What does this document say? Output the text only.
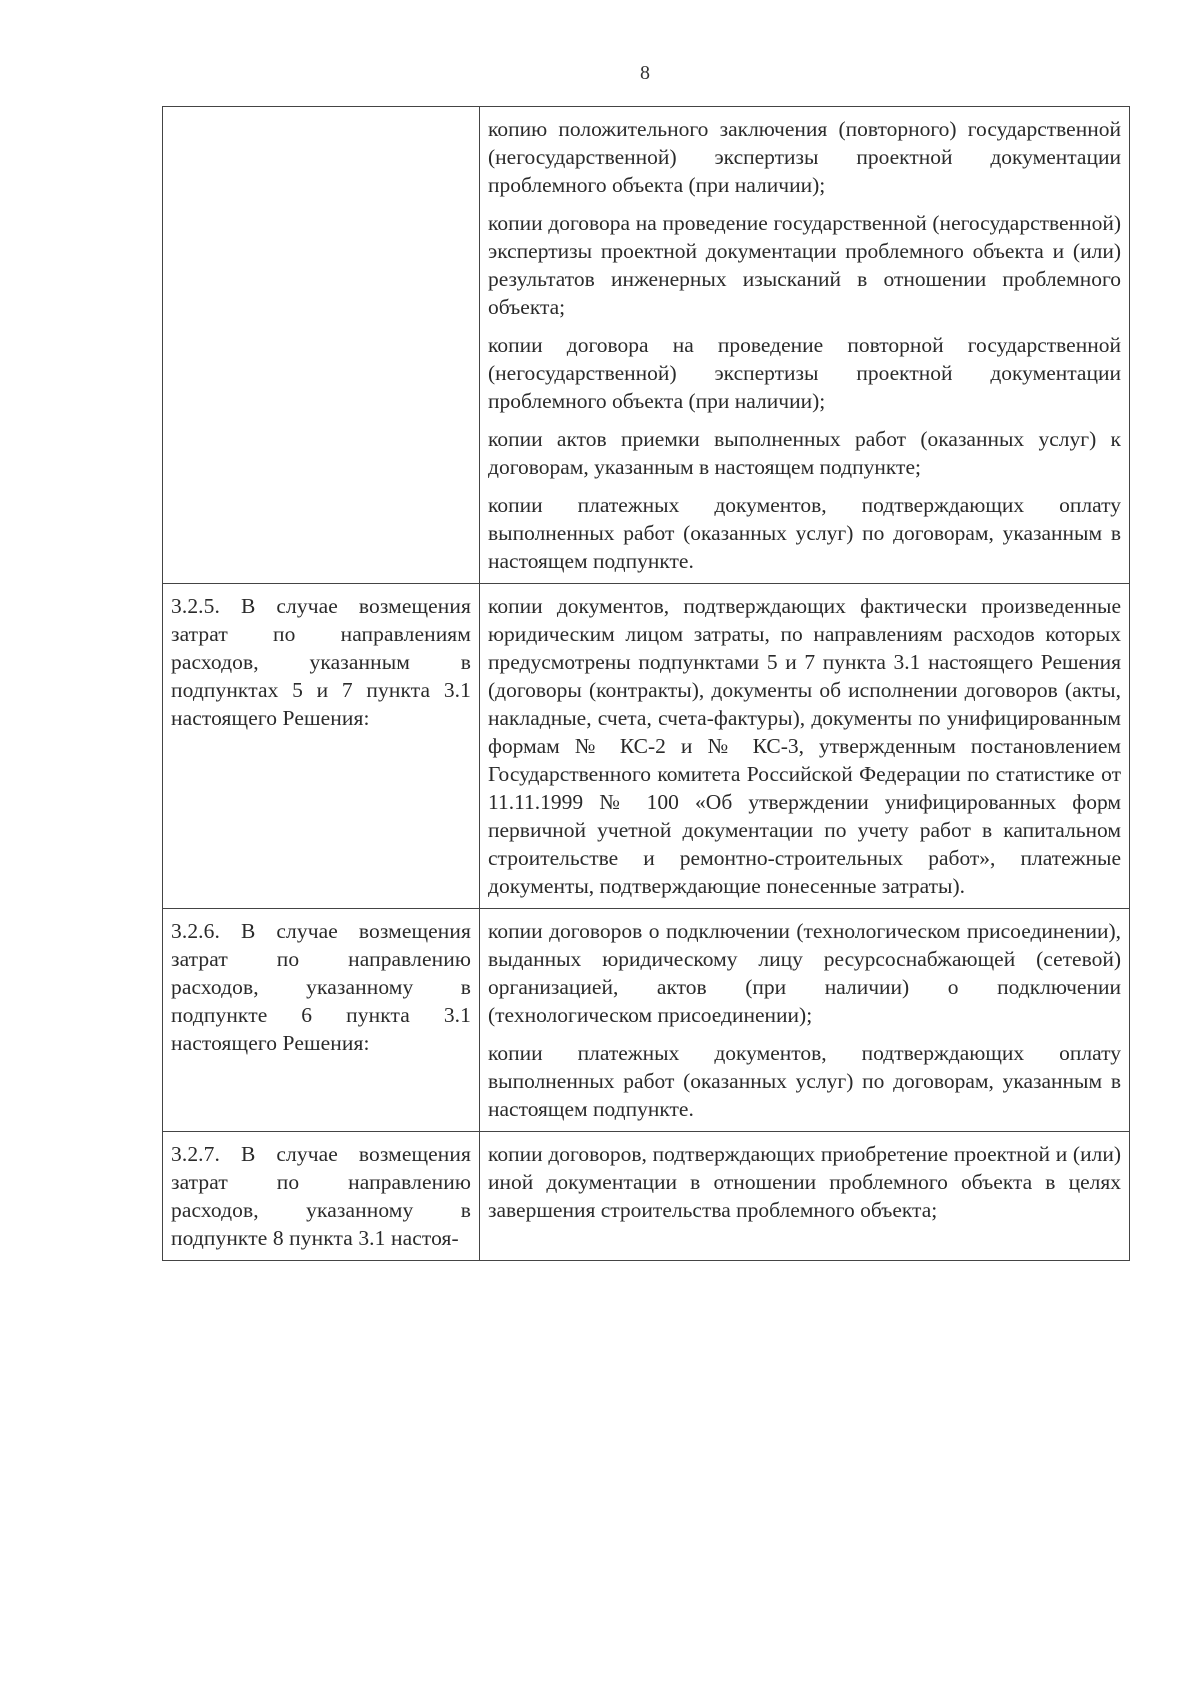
8

	копию положительного заключения (повторного) государственной (негосударственной) экспертизы проектной документации проблемного объекта (при наличии);
копии договора на проведение государственной (негосударственной) экспертизы проектной документации проблемного объекта и (или) результатов инженерных изысканий в отношении проблемного объекта;
копии договора на проведение повторной государственной (негосударственной) экспертизы проектной документации проблемного объекта (при наличии);
копии актов приемки выполненных работ (оказанных услуг) к договорам, указанным в настоящем подпункте;
копии платежных документов, подтверждающих оплату выполненных работ (оказанных услуг) по договорам, указанным в настоящем подпункте.

3.2.5. В случае возмещения затрат по направлениям расходов, указанным в подпунктах 5 и 7 пункта 3.1 настоящего Решения:	копии документов, подтверждающих фактически произведенные юридическим лицом затраты, по направлениям расходов которых предусмотрены подпунктами 5 и 7 пункта 3.1 настоящего Решения (договоры (контракты), документы об исполнении договоров (акты, накладные, счета, счета-фактуры), документы по унифицированным формам № КС-2 и № КС-3, утвержденным постановлением Государственного комитета Российской Федерации по статистике от 11.11.1999 № 100 «Об утверждении унифицированных форм первичной учетной документации по учету работ в капитальном строительстве и ремонтно-строительных работ», платежные документы, подтверждающие понесенные затраты).

3.2.6. В случае возмещения затрат по направлению расходов, указанному в подпункте 6 пункта 3.1 настоящего Решения:	копии договоров о подключении (технологическом присоединении), выданных юридическому лицу ресурсоснабжающей (сетевой) организацией, актов (при наличии) о подключении (технологическом присоединении);
копии платежных документов, подтверждающих оплату выполненных работ (оказанных услуг) по договорам, указанным в настоящем подпункте.

3.2.7. В случае возмещения затрат по направлению расходов, указанному в подпункте 8 пункта 3.1 настоя-	копии договоров, подтверждающих приобретение проектной и (или) иной документации в отношении проблемного объекта в целях завершения строительства проблемного объекта;
